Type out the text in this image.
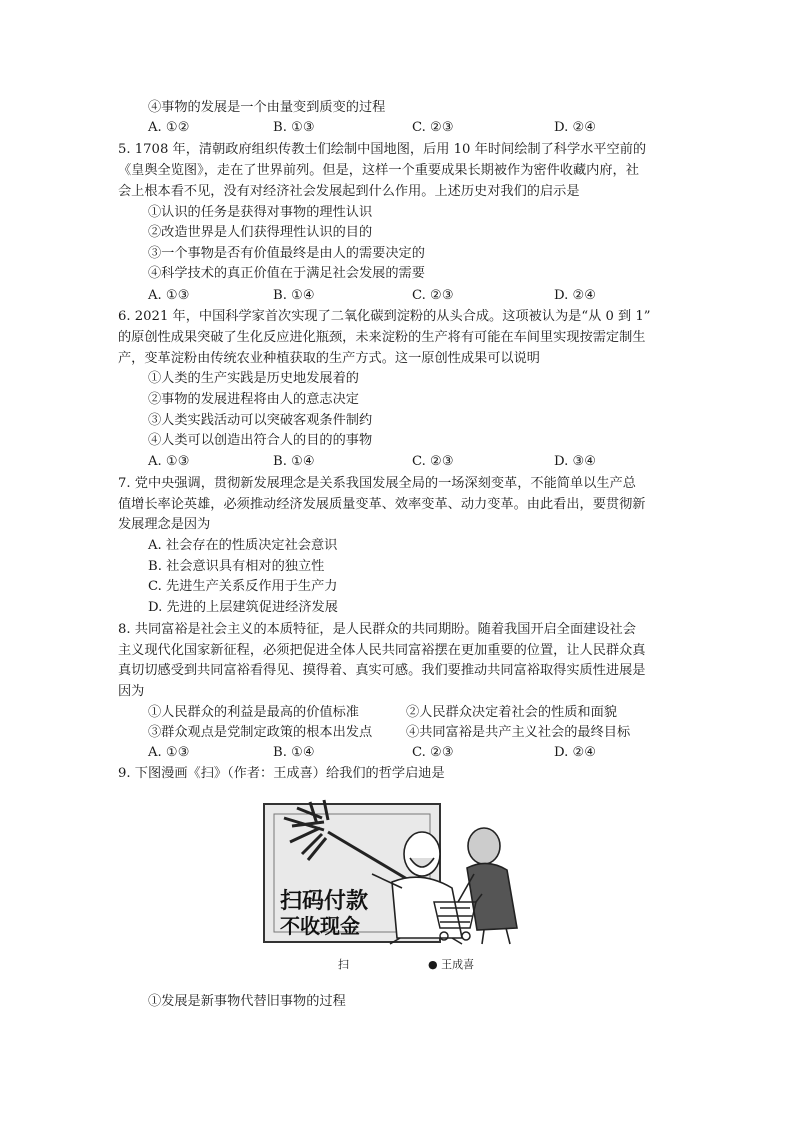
④事物的发展是一个由量变到质变的过程
A. ①②	B. ①③	C. ②③	D. ②④
5. 1708 年，清朝政府组织传教士们绘制中国地图，后用 10 年时间绘制了科学水平空前的
《皇舆全览图》，走在了世界前列。但是，这样一个重要成果长期被作为密件收藏内府，社
会上根本看不见，没有对经济社会发展起到什么作用。上述历史对我们的启示是
①认识的任务是获得对事物的理性认识
②改造世界是人们获得理性认识的目的
③一个事物是否有价值最终是由人的需要决定的
④科学技术的真正价值在于满足社会发展的需要
A. ①③	B. ①④	C. ②③	D. ②④
6. 2021 年，中国科学家首次实现了二氧化碳到淀粉的从头合成。这项被认为是“从 0 到 1”
的原创性成果突破了生化反应进化瓶颈，未来淀粉的生产将有可能在车间里实现按需定制生
产，变革淀粉由传统农业种植获取的生产方式。这一原创性成果可以说明
①人类的生产实践是历史地发展着的
②事物的发展进程将由人的意志决定
③人类实践活动可以突破客观条件制约
④人类可以创造出符合人的目的的事物
A. ①③	B. ①④	C. ②③	D. ③④
7. 党中央强调，贯彻新发展理念是关系我国发展全局的一场深刻变革，不能简单以生产总
值增长率论英雄，必须推动经济发展质量变革、效率变革、动力变革。由此看出，要贯彻新
发展理念是因为
A. 社会存在的性质决定社会意识
B. 社会意识具有相对的独立性
C. 先进生产关系反作用于生产力
D. 先进的上层建筑促进经济发展
8. 共同富裕是社会主义的本质特征，是人民群众的共同期盼。随着我国开启全面建设社会
主义现代化国家新征程，必须把促进全体人民共同富裕摆在更加重要的位置，让人民群众真
真切切感受到共同富裕看得见、摸得着、真实可感。我们要推动共同富裕取得实质性进展是
因为
①人民群众的利益是最高的价值标准	②人民群众决定着社会的性质和面貌
③群众观点是党制定政策的根本出发点	④共同富裕是共产主义社会的最终目标
A. ①③	B. ①④	C. ②③	D. ②④
9. 下图漫画《扫》（作者：王成喜）给我们的哲学启迪是
扫码付款
不收现金
扫	● 王成喜
①发展是新事物代替旧事物的过程
